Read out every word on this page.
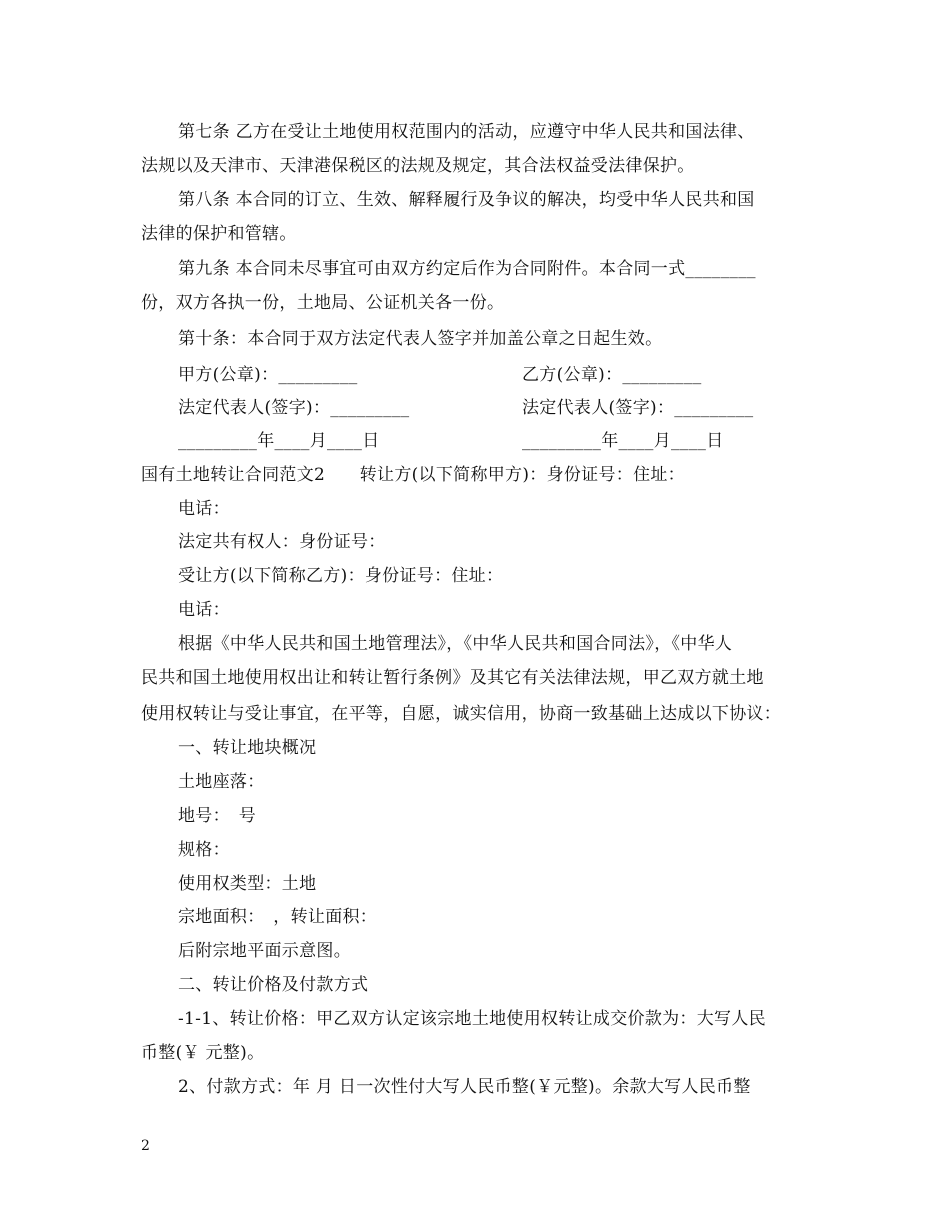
第七条 乙方在受让土地使用权范围内的活动，应遵守中华人民共和国法律、
法规以及天津市、天津港保税区的法规及规定，其合法权益受法律保护。
第八条 本合同的订立、生效、解释履行及争议的解决，均受中华人民共和国
法律的保护和管辖。
第九条 本合同未尽事宜可由双方约定后作为合同附件。本合同一式________
份，双方各执一份，土地局、公证机关各一份。
第十条：本合同于双方法定代表人签字并加盖公章之日起生效。
甲方(公章)：_________	乙方(公章)：_________
法定代表人(签字)：_________	法定代表人(签字)：_________
_________年____月____日	_________年____月____日
国有土地转让合同范文2　　转让方(以下简称甲方)：身份证号：住址：
电话：
法定共有权人：身份证号：
受让方(以下简称乙方)：身份证号：住址：
电话：
根据《中华人民共和国土地管理法》，《中华人民共和国合同法》，《中华人
民共和国土地使用权出让和转让暂行条例》及其它有关法律法规，甲乙双方就土地
使用权转让与受让事宜，在平等，自愿，诚实信用，协商一致基础上达成以下协议：
一、转让地块概况
土地座落：
地号：　号
规格：
使用权类型：土地
宗地面积：　，转让面积：
后附宗地平面示意图。
二、转让价格及付款方式
-1-1、转让价格：甲乙双方认定该宗地土地使用权转让成交价款为：大写人民
币整(￥ 元整)。
2、付款方式：年 月 日一次性付大写人民币整(￥元整)。余款大写人民币整
2
